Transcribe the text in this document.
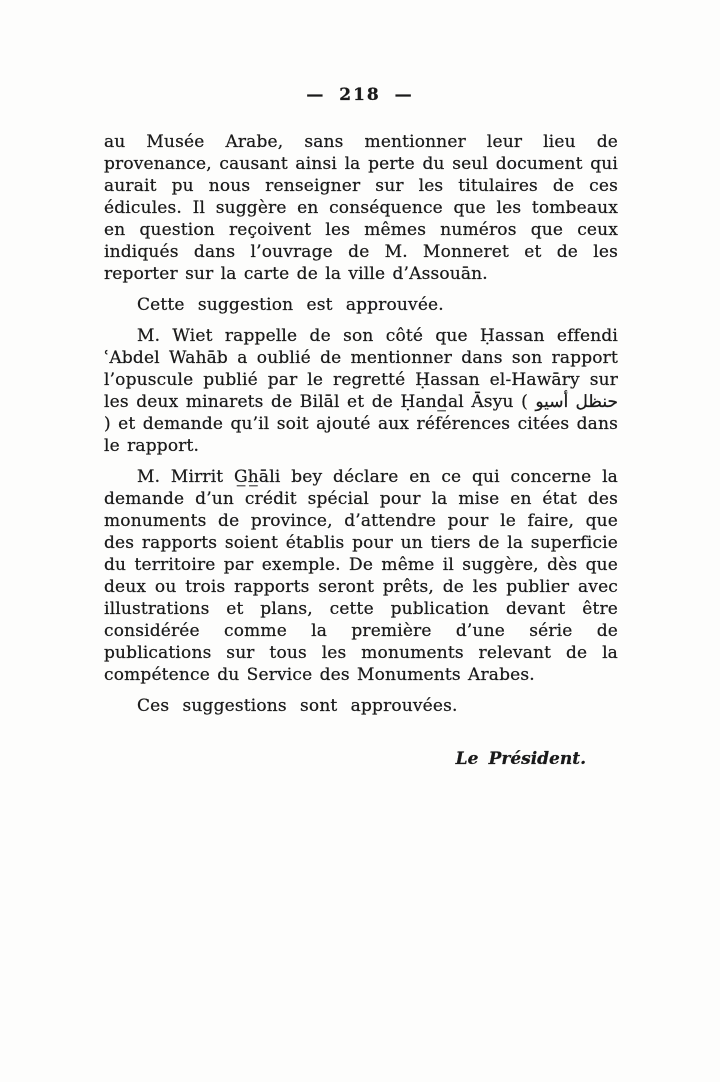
— 218 —

au Musée Arabe, sans mentionner leur lieu de provenance, causant ainsi la perte du seul document qui aurait pu nous renseigner sur les titulaires de ces édicules. Il suggère en conséquence que les tombeaux en question reçoivent les mêmes numéros que ceux indiqués dans l’ouvrage de M. Monneret et de les reporter sur la carte de la ville d’Assouān.

Cette suggestion est approuvée.

M. Wiet rappelle de son côté que Ḥassan effendi ʿAbdel Wahāb a oublié de mentionner dans son rapport l’opuscule publié par le regretté Ḥassan el-Hawāry sur les deux minarets de Bilāl et de Ḥand̲al Āsyu ( حنظل أسيو ) et demande qu’il soit ajouté aux références citées dans le rapport.

M. Mirrit G̲h̲āli bey déclare en ce qui concerne la demande d’un crédit spécial pour la mise en état des monuments de province, d’attendre pour le faire, que des rapports soient établis pour un tiers de la superficie du territoire par exemple. De même il suggère, dès que deux ou trois rapports seront prêts, de les publier avec illustrations et plans, cette publication devant être considérée comme la première d’une série de publications sur tous les monuments relevant de la compétence du Service des Monuments Arabes.

Ces suggestions sont approuvées.

Le Président.
